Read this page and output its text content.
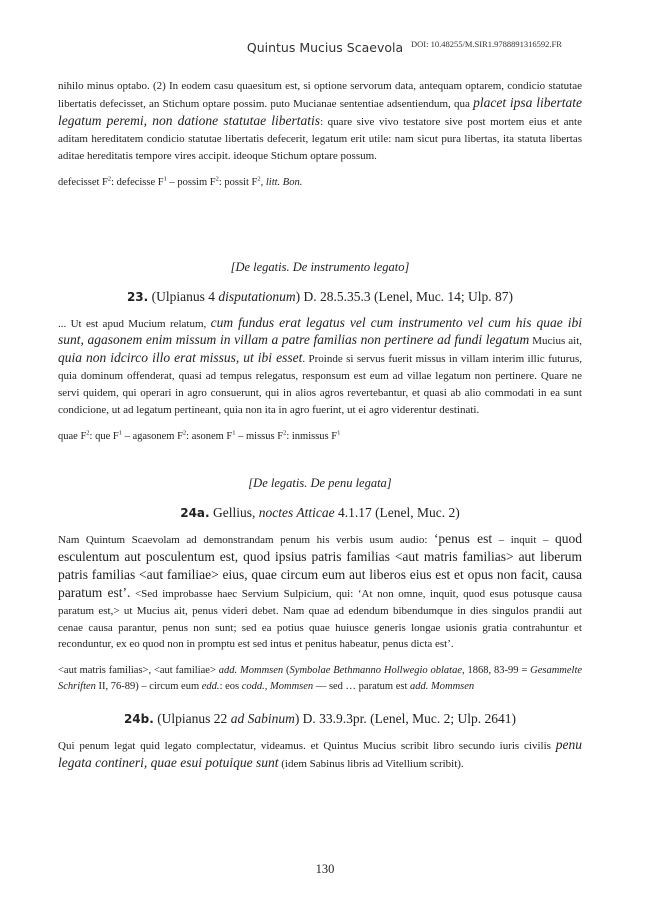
Quintus Mucius Scaevola DOI: 10.48255/M.SIR1.9788891316592.FR

nihilo minus optabo. (2) In eodem casu quaesitum est, si optione servorum data, antequam optarem, condicio statutae libertatis defecisset, an Stichum optare possim. puto Mucianae sententiae adsentiendum, qua placet ipsa libertate legatum peremi, non datione statutae libertatis: quare sive vivo testatore sive post mortem eius et ante aditam hereditatem condicio statutae libertatis defecerit, legatum erit utile: nam sicut pura libertas, ita statuta libertas aditae hereditatis tempore vires accipit. ideoque Stichum optare possum.

defecisset $F^2$: defecisse $F^1$ – possim $F^2$: possit $F^2$, litt. Bon.

[De legatis. De instrumento legato]
23. (Ulpianus 4 disputationum) D. 28.5.35.3 (Lenel, Muc. 14; Ulp. 87)

... Ut est apud Mucium relatum, cum fundus erat legatus vel cum instrumento vel cum his quae ibi sunt, agasonem enim missum in villam a patre familias non pertinere ad fundi legatum Mucius ait, quia non idcirco illo erat missus, ut ibi esset. Proinde si servus fuerit missus in villam interim illic futurus, quia dominum offenderat, quasi ad tempus relegatus, responsum est eum ad villae legatum non pertinere. Quare ne servi quidem, qui operari in agro consuerunt, qui in alios agros revertebantur, et quasi ab alio commodati in ea sunt condicione, ut ad legatum pertineant, quia non ita in agro fuerint, ut ei agro viderentur destinati.

quae $F^2$: que $F^1$ – agasonem $F^2$: asonem $F^1$ – missus $F^2$: inmissus $F^1$

[De legatis. De penu legata]
24a. Gellius, noctes Atticae 4.1.17 (Lenel, Muc. 2)

Nam Quintum Scaevolam ad demonstrandam penum his verbis usum audio: ‘penus est – inquit – quod esculentum aut posculentum est, quod ipsius patris familias <aut matris familias> aut liberum patris familias <aut familiae> eius, quae circum eum aut liberos eius est et opus non facit, causa paratum est’. <Sed improbasse haec Servium Sulpicium, qui: ‘At non omne, inquit, quod esus potusque causa paratum est,> ut Mucius ait, penus videri debet. Nam quae ad edendum bibendumque in dies singulos prandii aut cenae causa parantur, penus non sunt; sed ea potius quae huiusce generis longae usionis gratia contrahuntur et reconduntur, ex eo quod non in promptu est sed intus et penitus habeatur, penus dicta est’.

<aut matris familias>, <aut familiae> add. Mommsen (Symbolae Bethmanno Hollwegio oblatae, 1868, 83-99 = Gesammelte Schriften II, 76-89) – circum eum edd.: eos codd., Mommsen — sed … paratum est add. Mommsen

24b. (Ulpianus 22 ad Sabinum) D. 33.9.3pr. (Lenel, Muc. 2; Ulp. 2641)

Qui penum legat quid legato complectatur, videamus. et Quintus Mucius scribit libro secundo iuris civilis penu legata contineri, quae esui potuique sunt (idem Sabinus libris ad Vitellium scribit).

130
